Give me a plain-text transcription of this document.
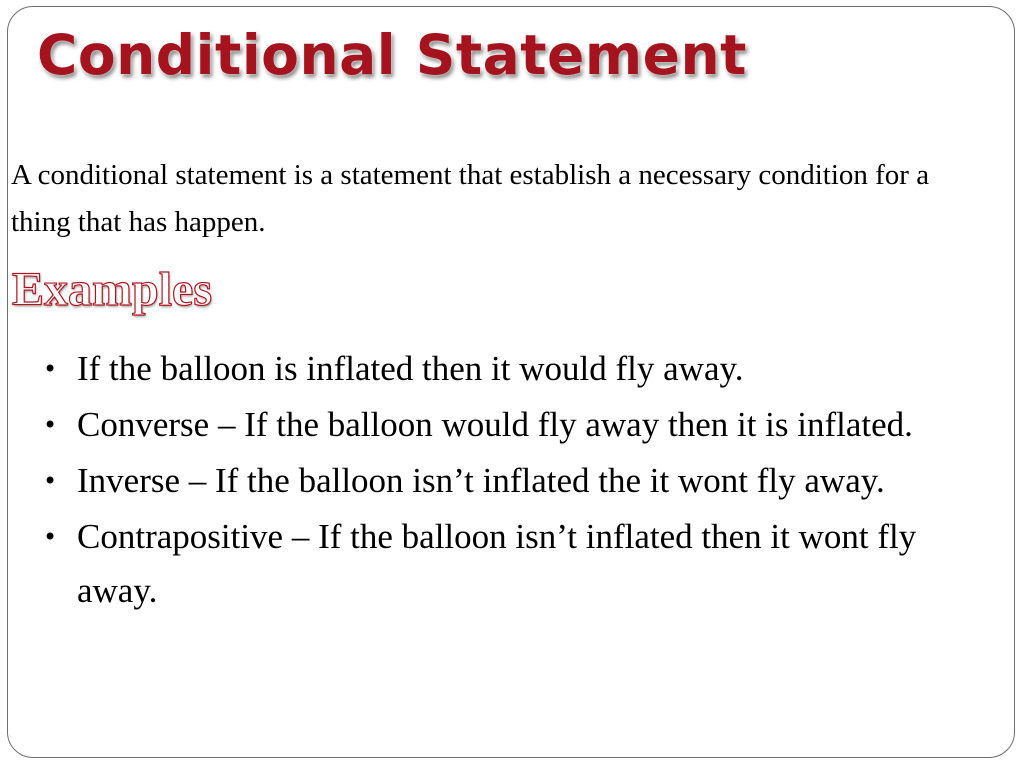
Conditional Statement

A conditional statement is a statement that establish a necessary condition for a thing that has happen.

Examples
• If the balloon is inflated then it would fly away.
• Converse – If the balloon would fly away then it is inflated.
• Inverse – If the balloon isn’t inflated the it wont fly away.
• Contrapositive – If the balloon isn’t inflated then it wont fly away.
